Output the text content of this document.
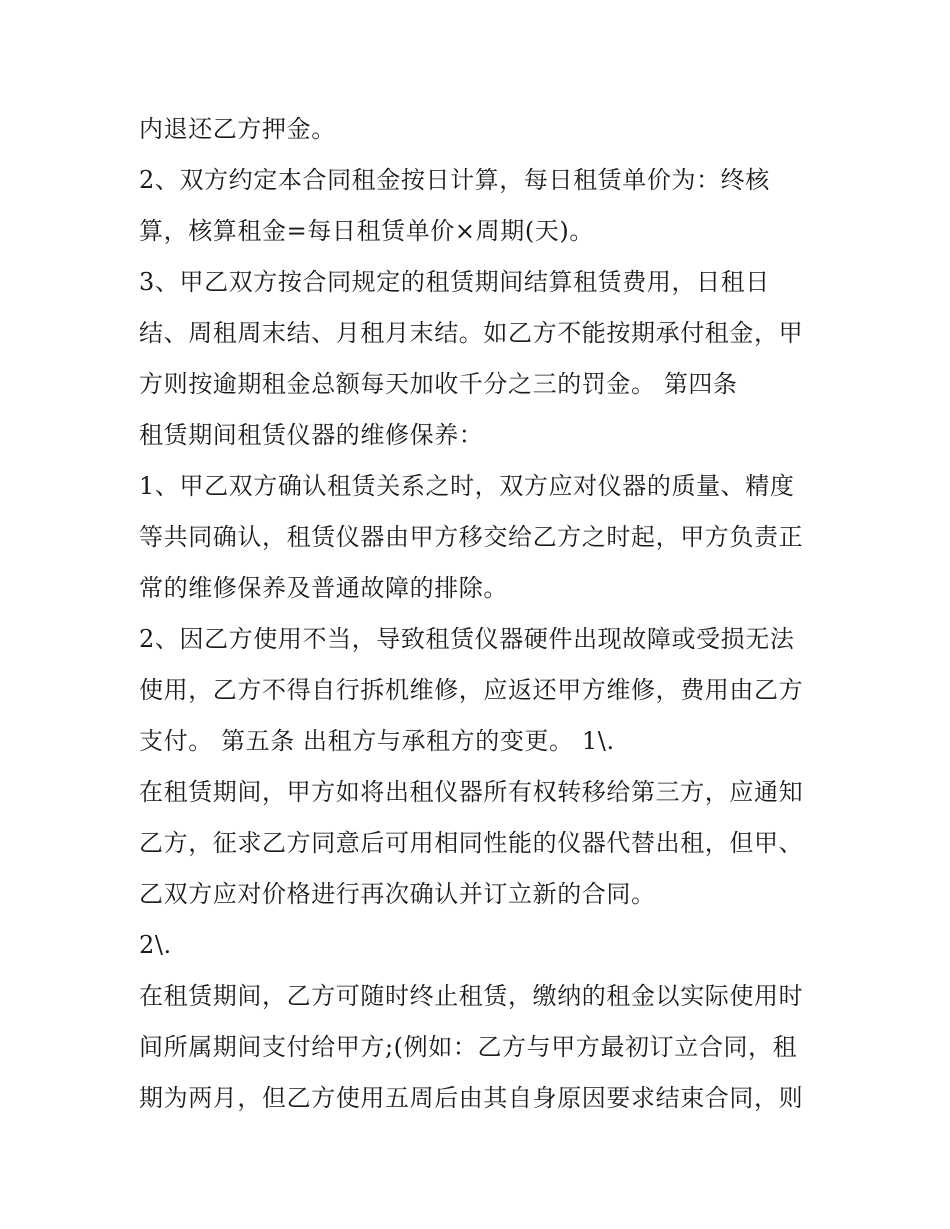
内退还乙方押金。
2、双方约定本合同租金按日计算，每日租赁单价为：终核
算，核算租金=每日租赁单价×周期(天)。
3、甲乙双方按合同规定的租赁期间结算租赁费用，日租日
结、周租周末结、月租月末结。如乙方不能按期承付租金，甲
方则按逾期租金总额每天加收千分之三的罚金。 第四条
租赁期间租赁仪器的维修保养：
1、甲乙双方确认租赁关系之时，双方应对仪器的质量、精度
等共同确认，租赁仪器由甲方移交给乙方之时起，甲方负责正
常的维修保养及普通故障的排除。
2、因乙方使用不当，导致租赁仪器硬件出现故障或受损无法
使用，乙方不得自行拆机维修，应返还甲方维修，费用由乙方
支付。 第五条 出租方与承租方的变更。 1\.
在租赁期间，甲方如将出租仪器所有权转移给第三方，应通知
乙方，征求乙方同意后可用相同性能的仪器代替出租，但甲、
乙双方应对价格进行再次确认并订立新的合同。
2\.
在租赁期间，乙方可随时终止租赁，缴纳的租金以实际使用时
间所属期间支付给甲方;(例如：乙方与甲方最初订立合同，租
期为两月，但乙方使用五周后由其自身原因要求结束合同，则
